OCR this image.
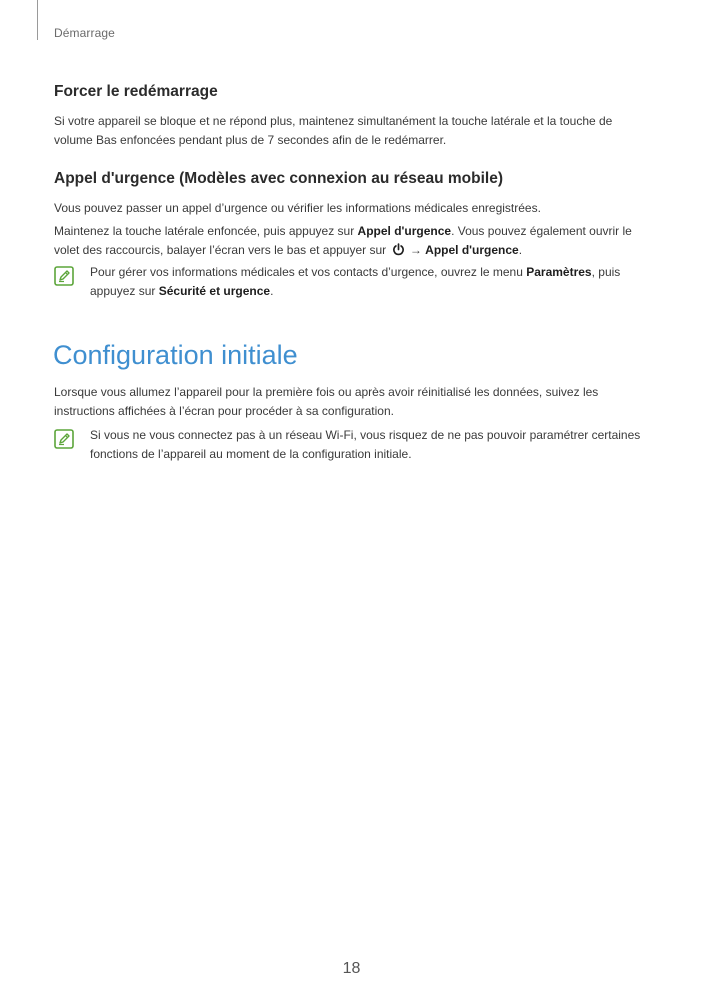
Démarrage
Forcer le redémarrage

Si votre appareil se bloque et ne répond plus, maintenez simultanément la touche latérale et la touche de
volume Bas enfoncées pendant plus de 7 secondes afin de le redémarrer.

Appel d'urgence (Modèles avec connexion au réseau mobile)

Vous pouvez passer un appel d’urgence ou vérifier les informations médicales enregistrées.

Maintenez la touche latérale enfoncée, puis appuyez sur Appel d'urgence. Vous pouvez également ouvrir le
volet des raccourcis, balayer l’écran vers le bas et appuyer sur  → Appel d'urgence.

Pour gérer vos informations médicales et vos contacts d’urgence, ouvrez le menu Paramètres, puis
appuyez sur Sécurité et urgence.

Configuration initiale

Lorsque vous allumez l’appareil pour la première fois ou après avoir réinitialisé les données, suivez les
instructions affichées à l’écran pour procéder à sa configuration.

Si vous ne vous connectez pas à un réseau Wi-Fi, vous risquez de ne pas pouvoir paramétrer certaines
fonctions de l’appareil au moment de la configuration initiale.

18
